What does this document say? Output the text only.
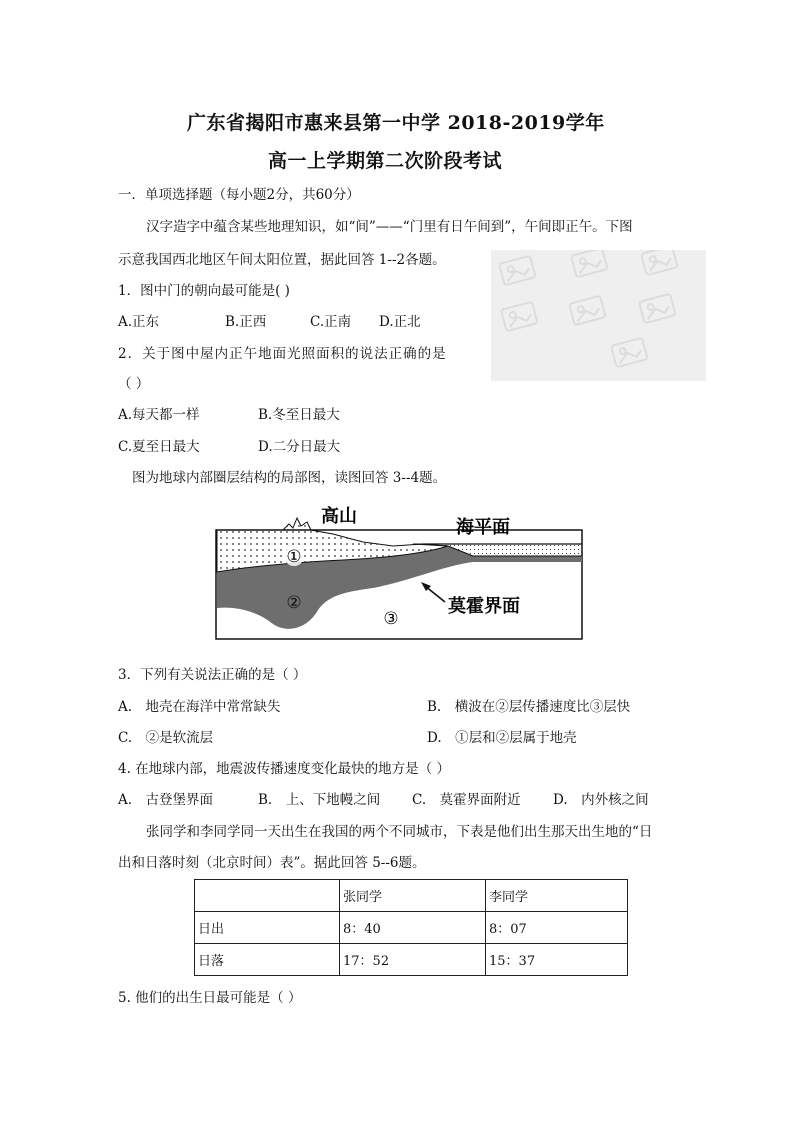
广东省揭阳市惠来县第一中学 2018-2019学年
高一上学期第二次阶段考试
一．单项选择题（每小题2分，共60分）
汉字造字中蕴含某些地理知识，如“间”——“门里有日午间到”，午间即正午。下图
示意我国西北地区午间太阳位置，据此回答 1--2各题。
1．图中门的朝向最可能是( )
A.正东	B.正西	C.正南 D.正北
2．关于图中屋内正午地面光照面积的说法正确的是
（ ）
A.每天都一样	B.冬至日最大
C.夏至日最大	D.二分日最大
图为地球内部圈层结构的局部图，读图回答 3--4题。
①
②
③
高山
海平面
莫霍界面
3．下列有关说法正确的是（ ）
A.　地壳在海洋中常常缺失	B.　横波在②层传播速度比③层快
C.　②是软流层	D.　①层和②层属于地壳
4. 在地球内部，地震波传播速度变化最快的地方是（ ）
A.　古登堡界面	B.　上、下地幔之间 C.　莫霍界面附近 D.　内外核之间
张同学和李同学同一天出生在我国的两个不同城市，下表是他们出生那天出生地的“日
出和日落时刻（北京时间）表”。据此回答 5--6题。
	张同学	李同学
日出	8：40	8：07
日落	17：52	15：37
5. 他们的出生日最可能是（ ）
